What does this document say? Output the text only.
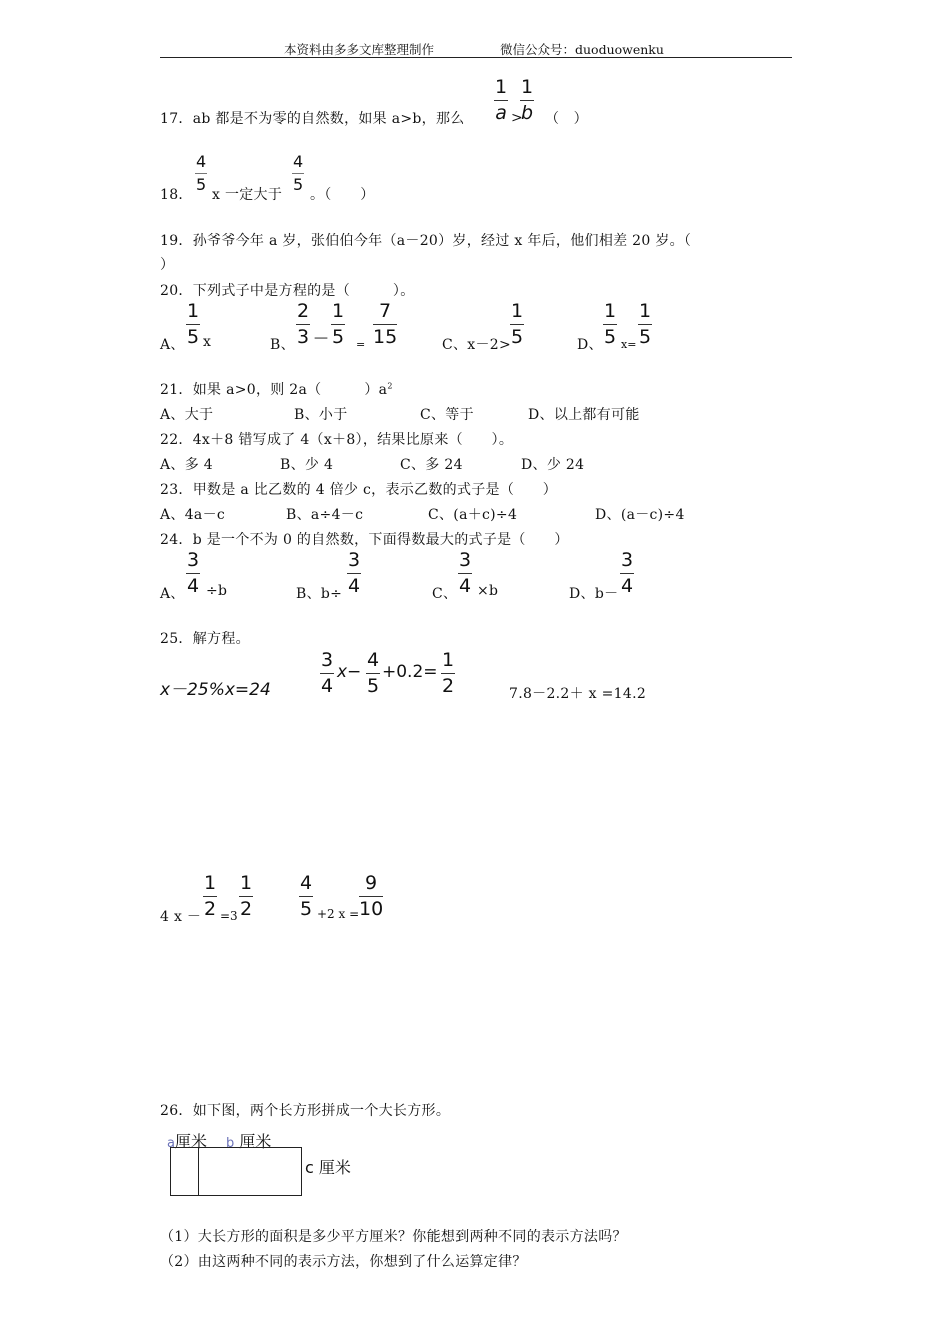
本资料由多多文库整理制作	微信公众号：duoduowenku
17．ab 都是不为零的自然数，如果 a>b，那么 $\frac{1}{a}$ >
$\frac{1}{b}$ （　）
18．
$\frac{4}{5}$
x 一定大于
$\frac{4}{5}$
。（　　）
19．孙爷爷今年 a 岁，张伯伯今年（a－20）岁，经过 x 年后，他们相差 20 岁。（
）
20．下列式子中是方程的是（　　　）。
A、 $\frac{1}{5}$ x	B、 $\frac{2}{3}$ — $\frac{1}{5} = \frac{7}{15}$	C、x－2>
$\frac{1}{5}$	D、 $\frac{1}{5} x= \frac{1}{5}$
21．如果 a>0，则 2a（　　　）$a^2$
A、大于	B、小于	C、等于	D、以上都有可能
22．4x＋8 错写成了 4（x＋8），结果比原来（　　）。
A、多 4	B、少 4	C、多 24	D、少 24
23．甲数是 a 比乙数的 4 倍少 c，表示乙数的式子是（　　）
A、4a－c	B、a÷4－c	C、(a＋c)÷4	D、(a－c)÷4
24．b 是一个不为 0 的自然数，下面得数最大的式子是（　　）
A、 $\frac{3}{4} \div b$	B、$b\div \frac{3}{4}$	C、 $\frac{3}{4} \times b$	D、$b- \frac{3}{4}$
25．解方程。
x－25%x=24	$\frac{3}{4} x- \frac{4}{5} +0.2= \frac{1}{2}$	7.8－2.2＋ x =14.2
4 $x - \frac{1}{2} =3 \frac{1}{2} \frac{4}{5} +2$ $x = \frac{9}{10}$
26．如下图，两个长方形拼成一个大长方形。
a厘米 b 厘米
c 厘米
（1）大长方形的面积是多少平方厘米？你能想到两种不同的表示方法吗？
（2）由这两种不同的表示方法，你想到了什么运算定律？
